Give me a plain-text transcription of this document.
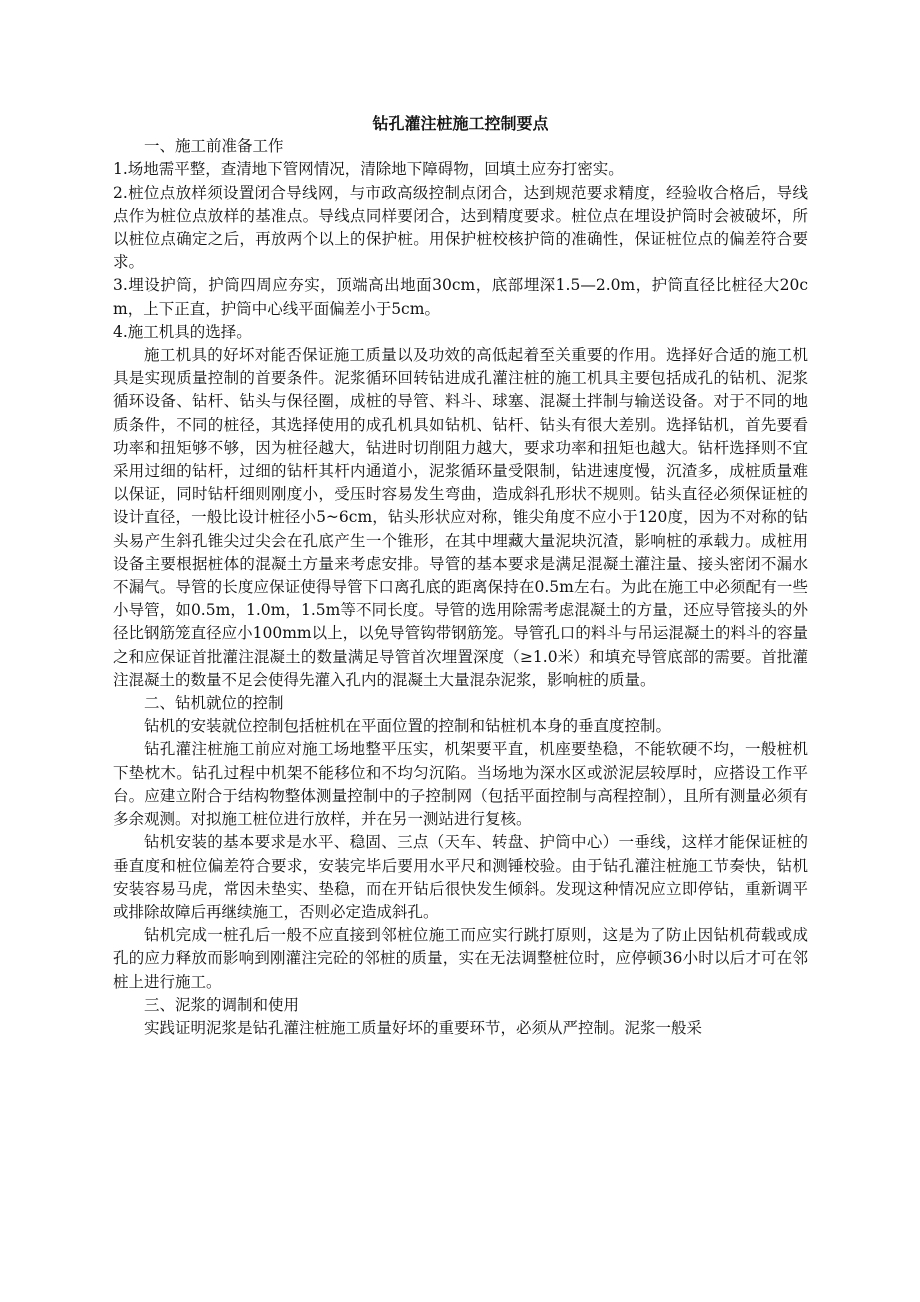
钻孔灌注桩施工控制要点

一、施工前准备工作

1.场地需平整，查清地下管网情况，清除地下障碍物，回填土应夯打密实。

2.桩位点放样须设置闭合导线网，与市政高级控制点闭合，达到规范要求精度，经验收合格后，导线点作为桩位点放样的基准点。导线点同样要闭合，达到精度要求。桩位点在埋设护筒时会被破坏，所以桩位点确定之后，再放两个以上的保护桩。用保护桩校核护筒的准确性，保证桩位点的偏差符合要求。

3.埋设护筒，护筒四周应夯实，顶端高出地面30cm，底部埋深1.5—2.0m，护筒直径比桩径大20cm，上下正直，护筒中心线平面偏差小于5cm。

4.施工机具的选择。

施工机具的好坏对能否保证施工质量以及功效的高低起着至关重要的作用。选择好合适的施工机具是实现质量控制的首要条件。泥浆循环回转钻进成孔灌注桩的施工机具主要包括成孔的钻机、泥浆循环设备、钻杆、钻头与保径圈，成桩的导管、料斗、球塞、混凝土拌制与输送设备。对于不同的地质条件，不同的桩径，其选择使用的成孔机具如钻机、钻杆、钻头有很大差别。选择钻机，首先要看功率和扭矩够不够，因为桩径越大，钻进时切削阻力越大，要求功率和扭矩也越大。钻杆选择则不宜采用过细的钻杆，过细的钻杆其杆内通道小，泥浆循环量受限制，钻进速度慢，沉渣多，成桩质量难以保证，同时钻杆细则刚度小，受压时容易发生弯曲，造成斜孔形状不规则。钻头直径必须保证桩的设计直径，一般比设计桩径小5~6cm，钻头形状应对称，锥尖角度不应小于120度，因为不对称的钻头易产生斜孔锥尖过尖会在孔底产生一个锥形，在其中埋藏大量泥块沉渣，影响桩的承载力。成桩用设备主要根据桩体的混凝土方量来考虑安排。导管的基本要求是满足混凝土灌注量、接头密闭不漏水不漏气。导管的长度应保证使得导管下口离孔底的距离保持在0.5m左右。为此在施工中必须配有一些小导管，如0.5m，1.0m，1.5m等不同长度。导管的选用除需考虑混凝土的方量，还应导管接头的外径比钢筋笼直径应小100mm以上，以免导管钩带钢筋笼。导管孔口的料斗与吊运混凝土的料斗的容量之和应保证首批灌注混凝土的数量满足导管首次埋置深度（≥1.0米）和填充导管底部的需要。首批灌注混凝土的数量不足会使得先灌入孔内的混凝土大量混杂泥浆，影响桩的质量。

二、钻机就位的控制

钻机的安装就位控制包括桩机在平面位置的控制和钻桩机本身的垂直度控制。

钻孔灌注桩施工前应对施工场地整平压实，机架要平直，机座要垫稳，不能软硬不均，一般桩机下垫枕木。钻孔过程中机架不能移位和不均匀沉陷。当场地为深水区或淤泥层较厚时，应搭设工作平台。应建立附合于结构物整体测量控制中的子控制网（包括平面控制与高程控制），且所有测量必须有多余观测。对拟施工桩位进行放样，并在另一测站进行复核。

钻机安装的基本要求是水平、稳固、三点（天车、转盘、护筒中心）一垂线，这样才能保证桩的垂直度和桩位偏差符合要求，安装完毕后要用水平尺和测锤校验。由于钻孔灌注桩施工节奏快，钻机安装容易马虎，常因未垫实、垫稳，而在开钻后很快发生倾斜。发现这种情况应立即停钻，重新调平或排除故障后再继续施工，否则必定造成斜孔。

钻机完成一桩孔后一般不应直接到邻桩位施工而应实行跳打原则，这是为了防止因钻机荷载或成孔的应力释放而影响到刚灌注完砼的邻桩的质量，实在无法调整桩位时，应停顿36小时以后才可在邻桩上进行施工。

三、泥浆的调制和使用

实践证明泥浆是钻孔灌注桩施工质量好坏的重要环节，必须从严控制。泥浆一般采
